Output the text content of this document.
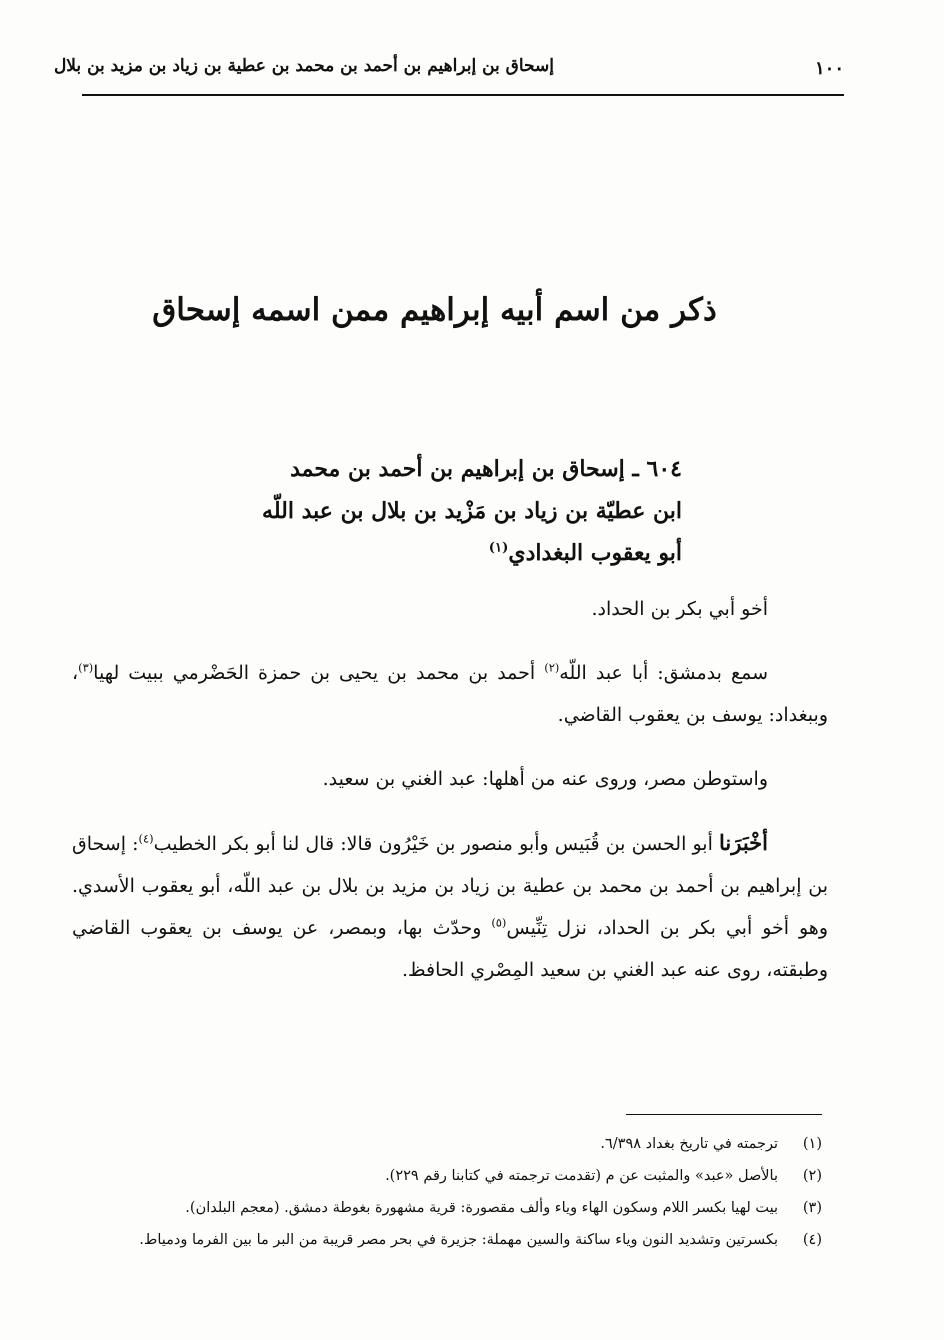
١٠٠
إسحاق بن إبراهيم بن أحمد بن محمد بن عطية بن زياد بن مزيد بن بلال
ذكر من اسم أبيه إبراهيم ممن اسمه إسحاق
٦٠٤ ـ إسحاق بن إبراهيم بن أحمد بن محمد
ابن عطيّة بن زياد بن مَزْيد بن بلال بن عبد اللّه
أبو يعقوب البغدادي$^{(١)}$

أخو أبي بكر بن الحداد.

سمع بدمشق: أبا عبد اللّه$^{(٢)}$ أحمد بن محمد بن يحيى بن حمزة الحَضْرمي ببيت لهيا$^{(٣)}$، وببغداد: يوسف بن يعقوب القاضي.

واستوطن مصر، وروى عنه من أهلها: عبد الغني بن سعيد.

أخْبَرَنا أبو الحسن بن قُبَيس وأبو منصور بن خَيْرُون قالا: قال لنا أبو بكر الخطيب$^{(٤)}$: إسحاق بن إبراهيم بن أحمد بن محمد بن عطية بن زياد بن مزيد بن بلال بن عبد اللّه، أبو يعقوب الأسدي. وهو أخو أبي بكر بن الحداد، نزل تِنِّيس$^{(٥)}$ وحدّث بها، وبمصر، عن يوسف بن يعقوب القاضي وطبقته، روى عنه عبد الغني بن سعيد المِصْري الحافظ.

(١)
ترجمته في تاريخ بغداد ٦/٣٩٨.
(٢)
بالأصل «عبد» والمثبت عن م (تقدمت ترجمته في كتابنا رقم ٢٢٩).
(٣)
بيت لهيا بكسر اللام وسكون الهاء وياء وألف مقصورة: قرية مشهورة بغوطة دمشق. (معجم البلدان).
(٤)
بكسرتين وتشديد النون وياء ساكنة والسين مهملة: جزيرة في بحر مصر قريبة من البر ما بين الفرما ودمياط.
